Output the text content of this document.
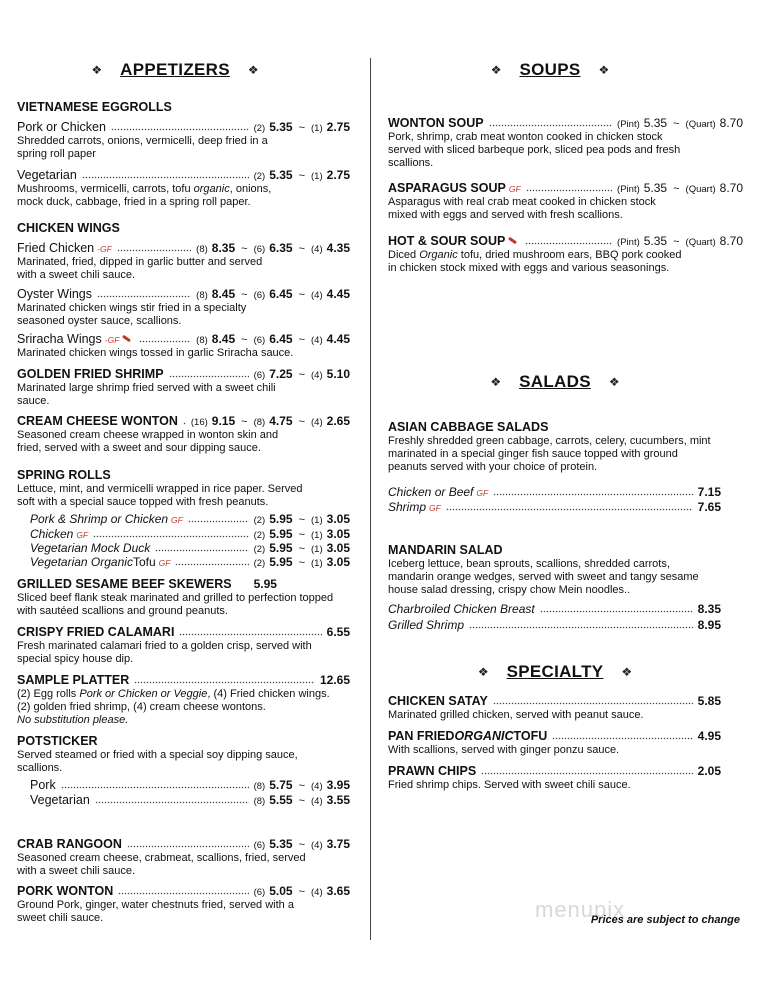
❖ APPETIZERS ❖	❖ SOUPS ❖
❖ SALADS ❖
❖ SPECIALTY ❖
VIETNAMESE EGGROLLS
Pork or Chicken	(2) 5.35 ~ (1) 2.75
Shredded carrots, onions, vermicelli, deep fried in a
spring roll paper
Vegetarian	(2) 5.35 ~ (1) 2.75
Mushrooms, vermicelli, carrots, tofu organic, onions,
mock duck, cabbage, fried in a spring roll paper.
CHICKEN WINGS
Fried Chicken -GF	(8) 8.35 ~ (6) 6.35 ~ (4) 4.35
Marinated, fried, dipped in garlic butter and served
with a sweet chili sauce.
Oyster Wings	(8) 8.45 ~ (6) 6.45 ~ (4) 4.45
Marinated chicken wings stir fried in a specialty
seasoned oyster sauce, scallions.
Sriracha Wings -GF	(8) 8.45 ~ (6) 6.45 ~ (4) 4.45
Marinated chicken wings tossed in garlic Sriracha sauce.
GOLDEN FRIED SHRIMP	(6) 7.25 ~ (4) 5.10
Marinated large shrimp fried served with a sweet chili
sauce.
CREAM CHEESE WONTON (16) 9.15 ~ (8) 4.75 ~ (4) 2.65
Seasoned cream cheese wrapped in wonton skin and
fried, served with a sweet and sour dipping sauce.
SPRING ROLLS
Lettuce, mint, and vermicelli wrapped in rice paper. Served
soft with a special sauce topped with fresh peanuts.
Pork & Shrimp or Chicken GF	(2) 5.95 ~ (1) 3.05
Chicken GF	(2) 5.95 ~ (1) 3.05
Vegetarian Mock Duck	(2) 5.95 ~ (1) 3.05
Vegetarian Organic Tofu GF	(2) 5.95 ~ (1) 3.05
GRILLED SESAME BEEF SKEWERS 5.95
Sliced beef flank steak marinated and grilled to perfection topped
with sautéed scallions and ground peanuts.
CRISPY FRIED CALAMARI	6.55
Fresh marinated calamari fried to a golden crisp, served with
special spicy house dip.
SAMPLE PLATTER	12.65
(2) Egg rolls Pork or Chicken or Veggie, (4) Fried chicken wings.
(2) golden fried shrimp, (4) cream cheese wontons.
No substitution please.
POTSTICKER
Served steamed or fried with a special soy dipping sauce,
scallions.
Pork	(8) 5.75 ~ (4) 3.95
Vegetarian	(8) 5.55 ~ (4) 3.55
CRAB RANGOON	(6) 5.35 ~ (4) 3.75
Seasoned cream cheese, crabmeat, scallions, fried, served
with a sweet chili sauce.
PORK WONTON	(6) 5.05 ~ (4) 3.65
Ground Pork, ginger, water chestnuts fried, served with a
sweet chili sauce.
WONTON SOUP	(Pint) 5.35 ~ (Quart) 8.70
Pork, shrimp, crab meat wonton cooked in chicken stock
served with sliced barbeque pork, sliced pea pods and fresh
scallions.
ASPARAGUS SOUP GF	(Pint) 5.35 ~ (Quart) 8.70
Asparagus with real crab meat cooked in chicken stock
mixed with eggs and served with fresh scallions.
HOT & SOUR SOUP	(Pint) 5.35 ~ (Quart) 8.70
Diced Organic tofu, dried mushroom ears, BBQ pork cooked
in chicken stock mixed with eggs and various seasonings.
ASIAN CABBAGE SALADS
Freshly shredded green cabbage, carrots, celery, cucumbers, mint
marinated in a special ginger fish sauce topped with ground
peanuts served with your choice of protein.
Chicken or Beef GF	7.15
Shrimp GF	7.65
MANDARIN SALAD
Iceberg lettuce, bean sprouts, scallions, shredded carrots,
mandarin orange wedges, served with sweet and tangy sesame
house salad dressing, crispy chow Mein noodles..
Charbroiled Chicken Breast	8.35
Grilled Shrimp	8.95
CHICKEN SATAY	5.85
Marinated grilled chicken, served with peanut sauce.
PAN FRIED ORGANIC TOFU	4.95
With scallions, served with ginger ponzu sauce.
PRAWN CHIPS	2.05
Fried shrimp chips. Served with sweet chili sauce.
menupix
Prices are subject to change
